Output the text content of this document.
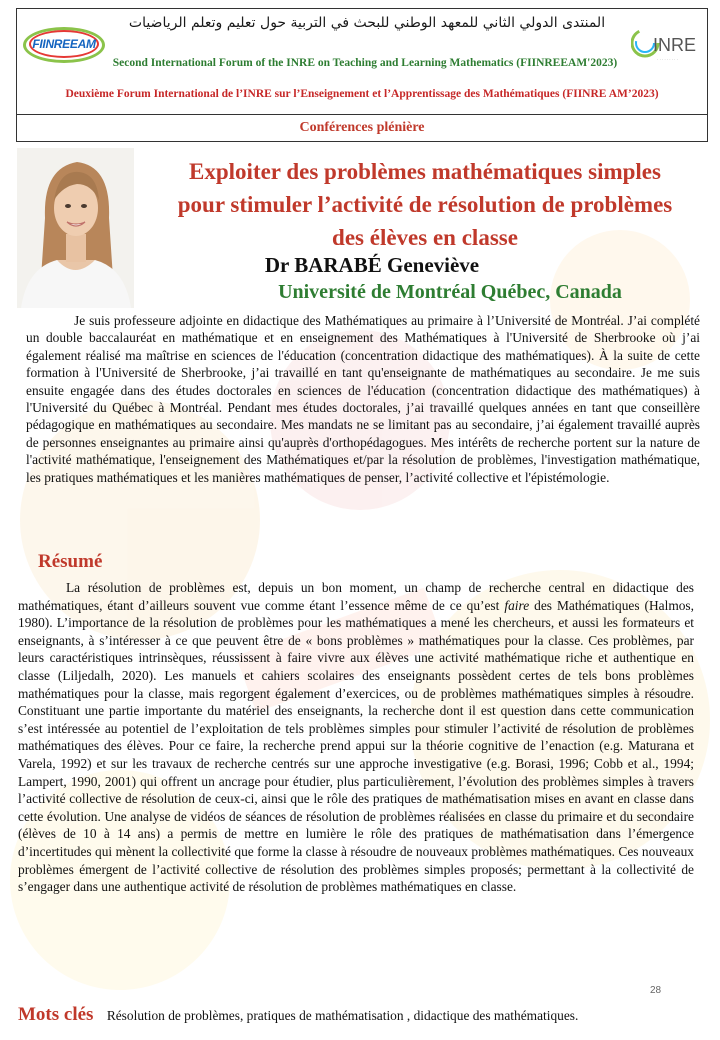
FIINREEAM
المنتدى الدولي الثاني للمعهد الوطني للبحث في التربية حول تعليم وتعلم الرياضيات
Second International Forum of the INRE on Teaching and Learning Mathematics (FIINREEAM'2023)
Deuxième Forum International de l’INRE sur l’Enseignement et l’Apprentissage des Mathématiques (FIINRE AM’2023)
INRE
· · · · · · · · ·
Conférences plénière
Exploiter des problèmes mathématiques simples
pour stimuler l’activité de résolution de problèmes
des élèves en classe
Dr BARABÉ Geneviève
Université de Montréal Québec, Canada
Je suis professeure adjointe en didactique des Mathématiques au primaire à l’Université de Montréal. J’ai complété un double baccalauréat en mathématique et en enseignement des Mathématiques à l'Université de Sherbrooke où j’ai également réalisé ma maîtrise en sciences de l'éducation (concentration didactique des mathématiques). À la suite de cette formation à l'Université de Sherbrooke, j’ai travaillé en tant qu'enseignante de mathématiques au secondaire. Je me suis ensuite engagée dans des études doctorales en sciences de l'éducation (concentration didactique des mathématiques) à l'Université du Québec à Montréal. Pendant mes études doctorales, j’ai travaillé quelques années en tant que conseillère pédagogique en mathématiques au secondaire. Mes mandats ne se limitant pas au secondaire, j’ai également travaillé auprès de personnes enseignantes au primaire ainsi qu'auprès d'orthopédagogues. Mes intérêts de recherche portent sur la nature de l'activité mathématique, l'enseignement des Mathématiques et/par la résolution de problèmes, l'investigation mathématique, les pratiques mathématiques et les manières mathématiques de penser, l’activité collective et l'épistémologie.
Résumé
La résolution de problèmes est, depuis un bon moment, un champ de recherche central en didactique des mathématiques, étant d’ailleurs souvent vue comme étant l’essence même de ce qu’est faire des Mathématiques (Halmos, 1980). L’importance de la résolution de problèmes pour les mathématiques a mené les chercheurs, et aussi les formateurs et enseignants, à s’intéresser à ce que peuvent être de « bons problèmes » mathématiques pour la classe. Ces problèmes, par leurs caractéristiques intrinsèques, réussissent à faire vivre aux élèves une activité mathématique riche et authentique en classe (Liljedalh, 2020). Les manuels et cahiers scolaires des enseignants possèdent certes de tels bons problèmes mathématiques pour la classe, mais regorgent également d’exercices, ou de problèmes mathématiques simples à résoudre. Constituant une partie importante du matériel des enseignants, la recherche dont il est question dans cette communication s’est intéressée au potentiel de l’exploitation de tels problèmes simples pour stimuler l’activité de résolution de problèmes mathématiques des élèves. Pour ce faire, la recherche prend appui sur la théorie cognitive de l’enaction (e.g. Maturana et Varela, 1992) et sur les travaux de recherche centrés sur une approche investigative (e.g. Borasi, 1996; Cobb et al., 1994; Lampert, 1990, 2001) qui offrent un ancrage pour étudier, plus particulièrement, l’évolution des problèmes simples à travers l’activité collective de résolution de ceux-ci, ainsi que le rôle des pratiques de mathématisation mises en avant en classe dans cette évolution. Une analyse de vidéos de séances de résolution de problèmes réalisées en classe du primaire et du secondaire (élèves de 10 à 14 ans) a permis de mettre en lumière le rôle des pratiques de mathématisation dans l’émergence d’incertitudes qui mènent la collectivité que forme la classe à résoudre de nouveaux problèmes mathématiques. Ces nouveaux problèmes émergent de l’activité collective de résolution des problèmes simples proposés; permettant à la collectivité de s’engager dans une authentique activité de résolution de problèmes mathématiques en classe.
28
Mots clés Résolution de problèmes, pratiques de mathématisation , didactique des mathématiques.
